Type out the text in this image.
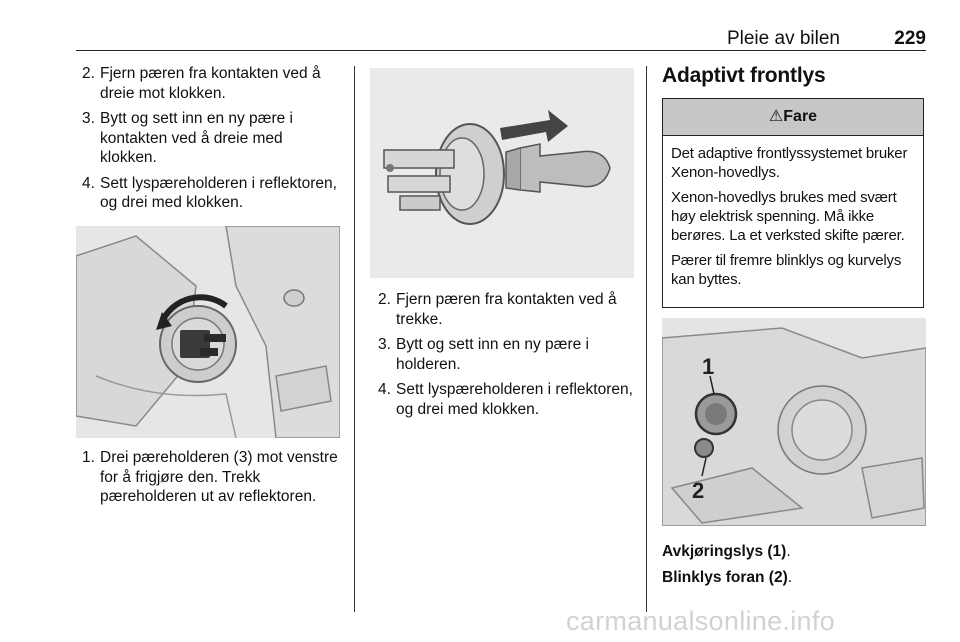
Pleie av bilen	229
2. Fjern pæren fra kontakten ved å dreie mot klokken.
3. Bytt og sett inn en ny pære i kontakten ved å dreie med klokken.
4. Sett lyspæreholderen i reflektoren, og drei med klokken.
1. Drei pæreholderen (3) mot venstre for å frigjøre den. Trekk pæreholderen ut av reflektoren.
2. Fjern pæren fra kontakten ved å trekke.
3. Bytt og sett inn en ny pære i holderen.
4. Sett lyspæreholderen i reflektoren, og drei med klokken.
Adaptivt frontlys
⚠Fare

Det adaptive frontlyssystemet bruker Xenon-hovedlys.

Xenon-hovedlys brukes med svært høy elektrisk spenning. Må ikke berøres. La et verksted skifte pærer.

Pærer til fremre blinklys og kurvelys kan byttes.

1
2
Avkjøringslys (1).
Blinklys foran (2).
carmanualsonline.info
